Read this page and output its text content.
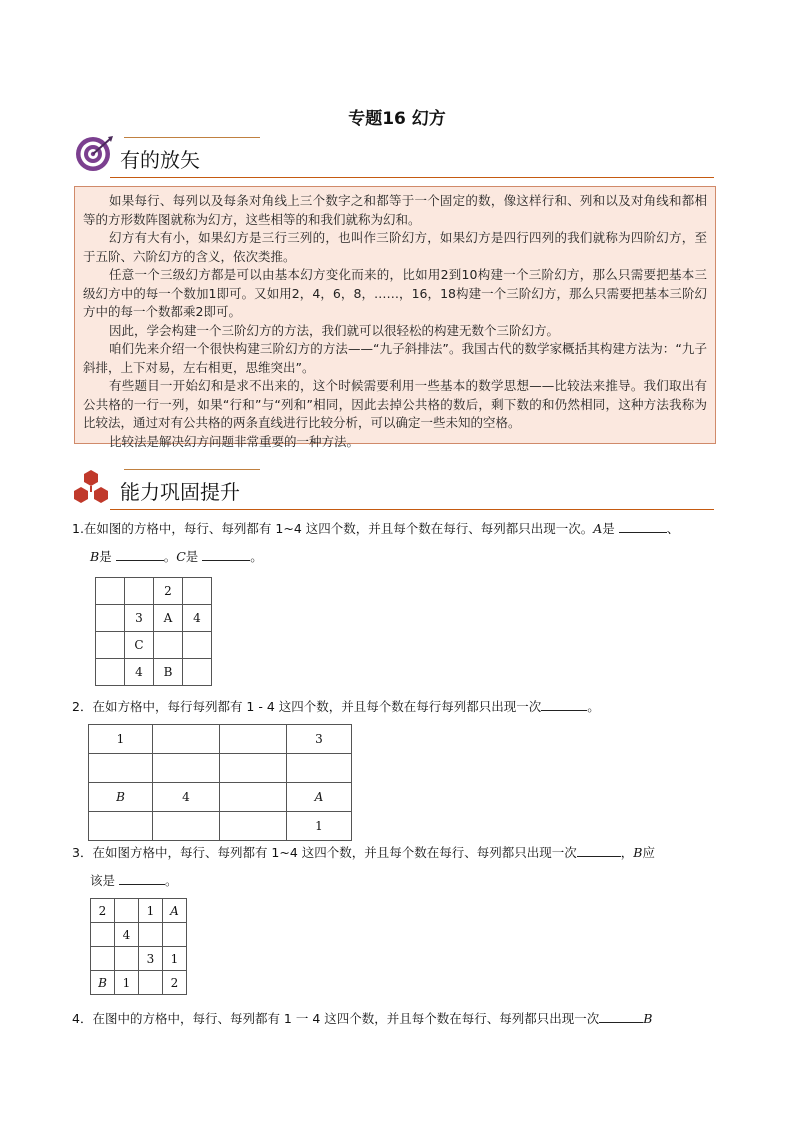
专题16 幻方
有的放矢

如果每行、每列以及每条对角线上三个数字之和都等于一个固定的数，像这样行和、列和以及对角线和都相等的方形数阵图就称为幻方，这些相等的和我们就称为幻和。

幻方有大有小，如果幻方是三行三列的，也叫作三阶幻方，如果幻方是四行四列的我们就称为四阶幻方，至于五阶、六阶幻方的含义，依次类推。

任意一个三级幻方都是可以由基本幻方变化而来的，比如用2到10构建一个三阶幻方，那么只需要把基本三级幻方中的每一个数加1即可。又如用2，4，6，8，……，16，18构建一个三阶幻方，那么只需要把基本三阶幻方中的每一个数都乘2即可。

因此，学会构建一个三阶幻方的方法，我们就可以很轻松的构建无数个三阶幻方。

咱们先来介绍一个很快构建三阶幻方的方法——“九子斜排法”。我国古代的数学家概括其构建方法为：“九子斜排，上下对易，左右相更，思维突出”。

有些题目一开始幻和是求不出来的，这个时候需要利用一些基本的数学思想——比较法来推导。我们取出有公共格的一行一列，如果“行和”与“列和”相同，因此去掉公共格的数后，剩下数的和仍然相同，这种方法我称为比较法，通过对有公共格的两条直线进行比较分析，可以确定一些未知的空格。

比较法是解决幻方问题非常重要的一种方法。

能力巩固提升
1.在如图的方格中，每行、每列都有 1~4 这四个数，并且每个数在每行、每列都只出现一次。A是	、
B是	。C是	。
		2	
	3	A	4
	C		
	4	B	
2．在如方格中，每行每列都有 1 - 4 这四个数，并且每个数在每行每列都只出现一次	。
1			3

B	4		A
			1
3．在如图方格中，每行、每列都有 1~4 这四个数，并且每个数在每行、每列都只出现一次	，B应
该是	。
2		1	A
	4		
		3	1
B	1		2
4．在图中的方格中，每行、每列都有 1 一 4 这四个数，并且每个数在每行、每列都只出现一次	B
